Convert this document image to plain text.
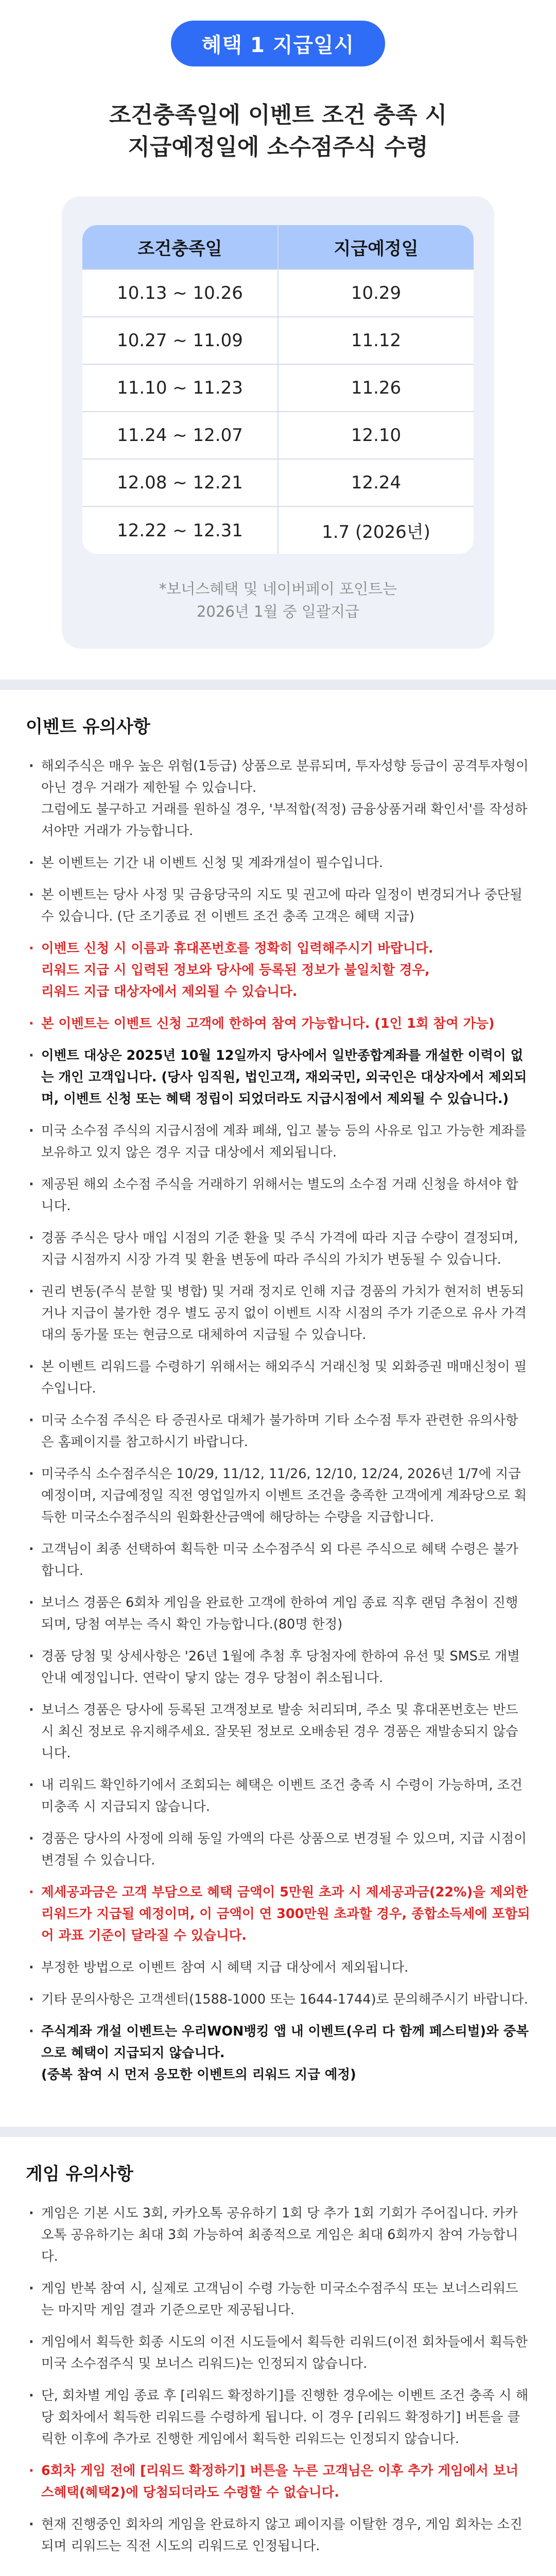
혜택 1 지급일시
조건충족일에 이벤트 조건 충족 시
지급예정일에 소수점주식 수령
조건충족일	지급예정일
10.13 ~ 10.26	10.29
10.27 ~ 11.09	11.12
11.10 ~ 11.23	11.26
11.24 ~ 12.07	12.10
12.08 ~ 12.21	12.24
12.22 ~ 12.31	1.7 (2026년)
*보너스혜택 및 네이버페이 포인트는
2026년 1월 중 일괄지급
이벤트 유의사항
· 해외주식은 매우 높은 위험(1등급) 상품으로 분류되며, 투자성향 등급이 공격투자형이 아닌 경우 거래가 제한될 수 있습니다.
그럼에도 불구하고 거래를 원하실 경우, '부적합(적정) 금융상품거래 확인서'를 작성하셔야만 거래가 가능합니다.
· 본 이벤트는 기간 내 이벤트 신청 및 계좌개설이 필수입니다.
· 본 이벤트는 당사 사정 및 금융당국의 지도 및 권고에 따라 일정이 변경되거나 중단될 수 있습니다. (단 조기종료 전 이벤트 조건 충족 고객은 혜택 지급)
· 이벤트 신청 시 이름과 휴대폰번호를 정확히 입력해주시기 바랍니다.
리워드 지급 시 입력된 정보와 당사에 등록된 정보가 불일치할 경우,
리워드 지급 대상자에서 제외될 수 있습니다.
· 본 이벤트는 이벤트 신청 고객에 한하여 참여 가능합니다. (1인 1회 참여 가능)
· 이벤트 대상은 2025년 10월 12일까지 당사에서 일반종합계좌를 개설한 이력이 없는 개인 고객입니다. (당사 임직원, 법인고객, 재외국민, 외국인은 대상자에서 제외되며, 이벤트 신청 또는 혜택 정립이 되었더라도 지급시점에서 제외될 수 있습니다.)
· 미국 소수점 주식의 지급시점에 계좌 폐쇄, 입고 불능 등의 사유로 입고 가능한 계좌를 보유하고 있지 않은 경우 지급 대상에서 제외됩니다.
· 제공된 해외 소수점 주식을 거래하기 위해서는 별도의 소수점 거래 신청을 하셔야 합니다.
· 경품 주식은 당사 매입 시점의 기준 환율 및 주식 가격에 따라 지급 수량이 결정되며, 지급 시점까지 시장 가격 및 환율 변동에 따라 주식의 가치가 변동될 수 있습니다.
· 권리 변동(주식 분할 및 병합) 및 거래 정지로 인해 지급 경품의 가치가 현저히 변동되거나 지급이 불가한 경우 별도 공지 없이 이벤트 시작 시점의 주가 기준으로 유사 가격대의 동가물 또는 현금으로 대체하여 지급될 수 있습니다.
· 본 이벤트 리워드를 수령하기 위해서는 해외주식 거래신청 및 외화증권 매매신청이 필수입니다.
· 미국 소수점 주식은 타 증권사로 대체가 불가하며 기타 소수점 투자 관련한 유의사항은 홈페이지를 참고하시기 바랍니다.
· 미국주식 소수점주식은 10/29, 11/12, 11/26, 12/10, 12/24, 2026년 1/7에 지급 예정이며, 지급예정일 직전 영업일까지 이벤트 조건을 충족한 고객에게 계좌당으로 획득한 미국소수점주식의 원화환산금액에 해당하는 수량을 지급합니다.
· 고객님이 최종 선택하여 획득한 미국 소수점주식 외 다른 주식으로 혜택 수령은 불가합니다.
· 보너스 경품은 6회차 게임을 완료한 고객에 한하여 게임 종료 직후 랜덤 추첨이 진행되며, 당첨 여부는 즉시 확인 가능합니다.(80명 한정)
· 경품 당첨 및 상세사항은 '26년 1월에 추첨 후 당첨자에 한하여 유선 및 SMS로 개별 안내 예정입니다. 연락이 닿지 않는 경우 당첨이 취소됩니다.
· 보너스 경품은 당사에 등록된 고객정보로 발송 처리되며, 주소 및 휴대폰번호는 반드시 최신 정보로 유지해주세요. 잘못된 정보로 오배송된 경우 경품은 재발송되지 않습니다.
· 내 리워드 확인하기에서 조회되는 혜택은 이벤트 조건 충족 시 수령이 가능하며, 조건 미충족 시 지급되지 않습니다.
· 경품은 당사의 사정에 의해 동일 가액의 다른 상품으로 변경될 수 있으며, 지급 시점이 변경될 수 있습니다.
· 제세공과금은 고객 부담으로 혜택 금액이 5만원 초과 시 제세공과금(22%)을 제외한 리워드가 지급될 예정이며, 이 금액이 연 300만원 초과할 경우, 종합소득세에 포함되어 과표 기준이 달라질 수 있습니다.
· 부정한 방법으로 이벤트 참여 시 혜택 지급 대상에서 제외됩니다.
· 기타 문의사항은 고객센터(1588-1000 또는 1644-1744)로 문의해주시기 바랍니다.
· 주식계좌 개설 이벤트는 우리WON뱅킹 앱 내 이벤트(우리 다 함께 페스티벌)와 중복으로 혜택이 지급되지 않습니다.
(중복 참여 시 먼저 응모한 이벤트의 리워드 지급 예정)
게임 유의사항
· 게임은 기본 시도 3회, 카카오톡 공유하기 1회 당 추가 1회 기회가 주어집니다. 카카오톡 공유하기는 최대 3회 가능하여 최종적으로 게임은 최대 6회까지 참여 가능합니다.
· 게임 반복 참여 시, 실제로 고객님이 수령 가능한 미국소수점주식 또는 보너스리워드는 마지막 게임 결과 기준으로만 제공됩니다.
· 게임에서 획득한 회종 시도의 이전 시도들에서 획득한 리워드(이전 회차들에서 획득한 미국 소수점주식 및 보너스 리워드)는 인정되지 않습니다.
· 단, 회차별 게임 종료 후 [리워드 확정하기]를 진행한 경우에는 이벤트 조건 충족 시 해당 회차에서 획득한 리워드를 수령하게 됩니다. 이 경우 [리워드 확정하기] 버튼을 클릭한 이후에 추가로 진행한 게임에서 획득한 리워드는 인정되지 않습니다.
· 6회차 게임 전에 [리워드 확정하기] 버튼을 누른 고객님은 이후 추가 게임에서 보너스혜택(혜택2)에 당첨되더라도 수령할 수 없습니다.
· 현재 진행중인 회차의 게임을 완료하지 않고 페이지를 이탈한 경우, 게임 회차는 소진되며 리워드는 직전 시도의 리워드로 인정됩니다.
